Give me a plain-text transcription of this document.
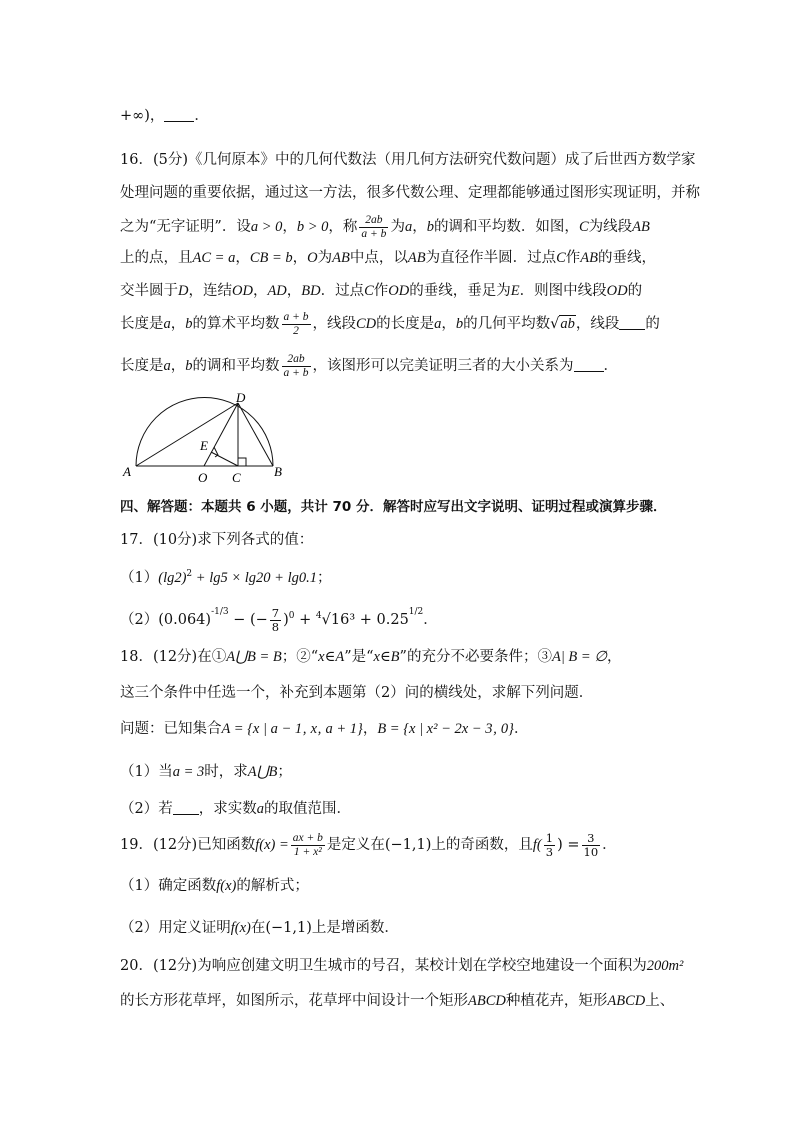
+∞)， ．
16．(5分)《几何原本》中的几何代数法（用几何方法研究代数问题）成了后世西方数学家
处理问题的重要依据，通过这一方法，很多代数公理、定理都能够通过图形实现证明，并称
之为“无字证明”．设a > 0，b > 0，称 $\frac{2ab}{a + b}$ 为a，b的调和平均数．如图，C为线段AB
上的点，且AC = a，CB = b，O为AB中点，以AB为直径作半圆．过点C作AB的垂线，
交半圆于D，连结OD，AD，BD．过点C作OD的垂线，垂足为E．则图中线段OD的
长度是a，b的算术平均数 $\frac{a + b}{2}$ ，线段CD的长度是a，b的几何平均数√ab，线段 的
长度是a，b的调和平均数 $\frac{2ab}{a + b}$ ，该图形可以完美证明三者的大小关系为 ．
A	B
D
E
O C
四、解答题：本题共 6 小题，共计 70 分．解答时应写出文字说明、证明过程或演算步骤．
17．(10分)求下列各式的值：
$(1)(\lg 2)^2 + \lg 5 \times \lg 20 + \lg 0.1$；
$(2)(0.064)^{-1/3}$ − (− $\frac{7}{8} )^0 + ^4√16^3 + 0.25^{1/2}$．
18．(12分)在①A⋃B = B；②“x∈A”是“x∈B”的充分不必要条件；③A| B = ∅，
这三个条件中任选一个，补充到本题第（2）问的横线处，求解下列问题．
问题：已知集合A = {x | a − 1‚ x‚ a + 1}，B = {x | x² − 2x − 3‚ 0}．
（1）当a = 3时，求A⋃B；
（2）若 ，求实数a的取值范围．
19．(12分)已知函数$f(x) = \frac{ax + b}{\text{1 + x²}}$ 是定义在(−1,1)上的奇函数，且$f( \frac{1}{3}$ ) = $\frac{3}{10}$ ．
（1）确定函数f(x)的解析式；
（2）用定义证明f(x)在(−1,1)上是增函数．
20．(12分)为响应创建文明卫生城市的号召，某校计划在学校空地建设一个面积为200m²
的长方形花草坪，如图所示，花草坪中间设计一个矩形ABCD种植花卉，矩形ABCD上、
